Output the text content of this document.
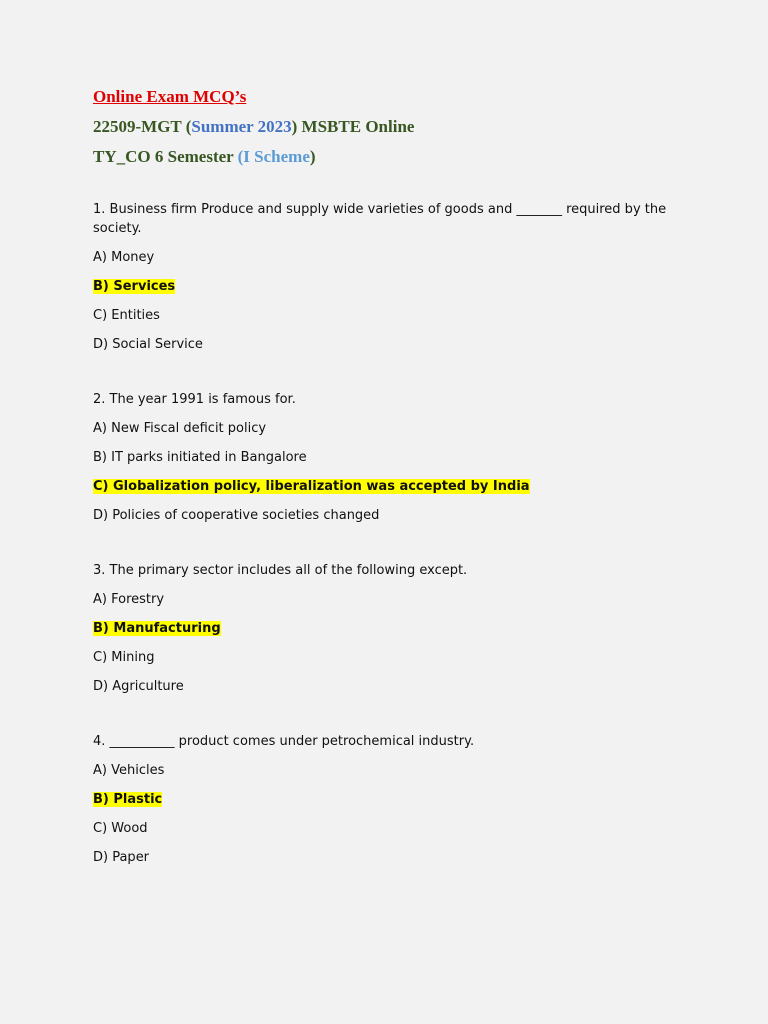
Online Exam MCQ’s

22509-MGT (Summer 2023) MSBTE Online

TY_CO 6 Semester (I Scheme)

1. Business firm Produce and supply wide varieties of goods and _______ required by the society.

A) Money
B) Services
C) Entities
D) Social Service

2. The year 1991 is famous for.

A) New Fiscal deficit policy
B) IT parks initiated in Bangalore
C) Globalization policy, liberalization was accepted by India
D) Policies of cooperative societies changed

3. The primary sector includes all of the following except.

A) Forestry
B) Manufacturing
C) Mining
D) Agriculture

4. __________ product comes under petrochemical industry.

A) Vehicles
B) Plastic
C) Wood
D) Paper
